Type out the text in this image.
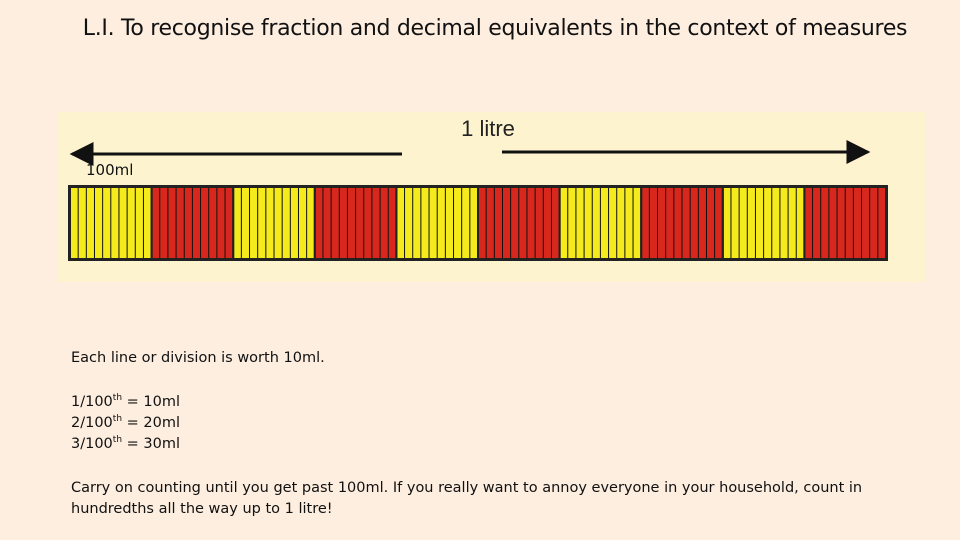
L.I. To recognise fraction and decimal equivalents in the context of measures
1 litre
100ml
Each line or division is worth 10ml.
1/100th = 10ml
2/100th = 20ml
3/100th = 30ml
Carry on counting until you get past 100ml. If you really want to annoy everyone in your household, count in hundredths all the way up to 1 litre!
